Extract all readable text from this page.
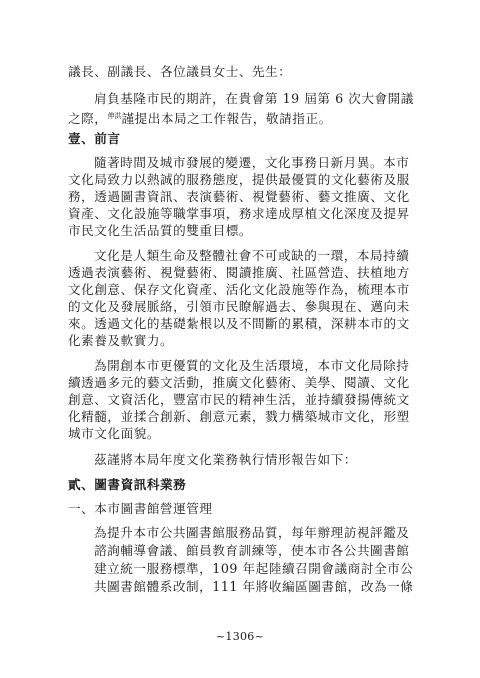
議長、副議長、各位議員女士、先生：
肩負基隆市民的期許，在貴會第 19 屆第 6 次大會開議
之際，$^{伸洪}$謹提出本局之工作報告，敬請指正。
壹、前言
隨著時間及城市發展的變遷，文化事務日新月異。本市
文化局致力以熱誠的服務態度，提供最優質的文化藝術及服
務，透過圖書資訊、表演藝術、視覺藝術、藝文推廣、文化
資產、文化設施等職掌事項，務求達成厚植文化深度及提昇
市民文化生活品質的雙重目標。
文化是人類生命及整體社會不可或缺的一環，本局持續
透過表演藝術、視覺藝術、閱讀推廣、社區營造、扶植地方
文化創意、保存文化資產、活化文化設施等作為，梳理本市
的文化及發展脈絡，引領市民瞭解過去、參與現在、邁向未
來。透過文化的基礎紮根以及不間斷的累積，深耕本市的文
化素養及軟實力。
為開創本市更優質的文化及生活環境，本市文化局除持
續透過多元的藝文活動，推廣文化藝術、美學、閱讀、文化
創意、文資活化，豐富市民的精神生活，並持續發揚傳統文
化精髓，並揉合創新、創意元素，戮力構築城市文化，形塑
城市文化面貌。
茲謹將本局年度文化業務執行情形報告如下：
貳、圖書資訊科業務
一、本市圖書館營運管理
為提升本市公共圖書館服務品質，每年辦理訪視評鑑及
諮詢輔導會議、館員教育訓練等，使本市各公共圖書館
建立統一服務標準，109 年起陸續召開會議商討全市公
共圖書館體系改制，111 年將收編區圖書館，改為一條
~1306~
